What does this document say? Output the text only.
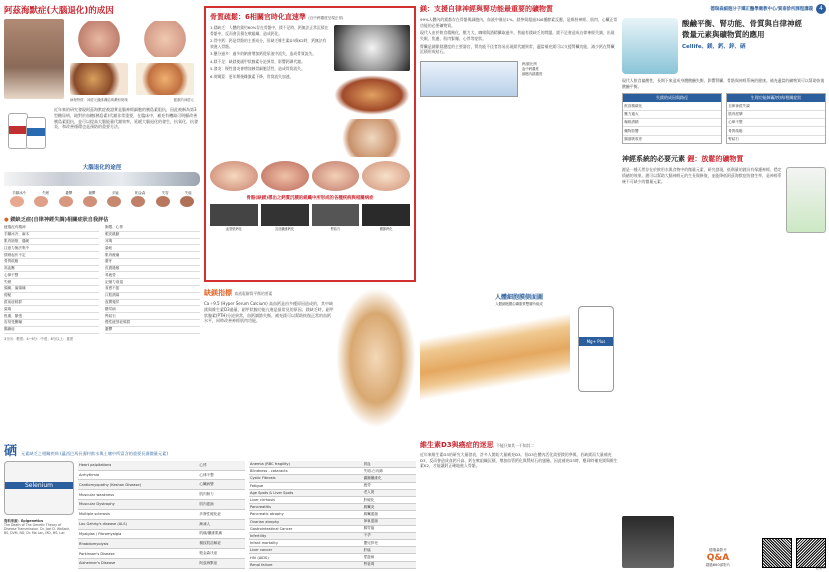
阿茲海默症(大腦退化)的成因
病理特徵：神經元纖維纏結與澱粉斑塊	健康的神經元
近年來的研究發現阿茲海默症被證實是腦神經細胞的胰島素阻抗，因此被稱為第3型糖尿病，鉻對於血糖(胰島素)代謝非常重要，在臨床中，補充有機鉻可明顯改善胰島素阻抗，並可以提高大腦能量代謝效率，延緩大腦退化的發生，抗氧化、抗發炎、和改善循環也是預防的重要方法。
大腦退化的途徑
手腳冰冷	失眠	憂鬱	躁鬱	多疑	帕金森	失智	失能
● 鎂缺乏症(自律神經失調)相關症狀自我評估
疲倦沒有精神
手腳冰冷、麻木
肌肉抽筋、僵硬
注意力無法集中
情緒起伏不定
骨質疏鬆
高血壓
心律不整
失眠
頭痛、偏頭痛
便秘
經前症候群
氣喘
焦慮、緊張
容易受驚嚇
腸躁症
胸悶、心悸
眼皮跳動
耳鳴
暈眩
肌肉痠痛
磨牙
皮膚過敏
易疲勞
記憶力衰退
食慾不振
口腔潰瘍
夜間頻尿
糖尿病
腎結石
慢性疲勞症候群
憂鬱
3分內：輕度；4~6分：中度；8分以上：重度
骨質疏鬆：6相關官時化直速準 (自中鈣濃度呈現正常)

1.鎂缺乏：人體的鎂約60%存在骨骼中，鎂不足時，鈣無法正常沉積在骨骼中，反而會沉積在軟組織，造成鈣化。

2.骨中鈣：鈣是骨骼的主要成分，但缺乏維生素D3與K2時，鈣無法有效進入骨骼。

3.鹽分過多：過多的鈉會增加鈣從尿液中流失，造成骨質流失。

4.鎂不足：缺鎂使副甲狀腺素分泌異常，影響鈣磷代謝。

5.發炎：慢性發炎會增加蝕骨細胞活性，造成骨質流失。

6.荷爾蒙：更年期後雌激素下降，骨質流失加速。

骨骼(缺鎂)導出之鈣質沉積的組織中所形成的各種疾病與相關病症
血管壁鈣化	乳房纖維鈣化	腎結石	關節鈣化
缺鎂指標 血液電解質平衡的要素
Ca＋9.5 (Hyper Serum Calcium) 高血鈣是由多種原因造成的，其中缺鎂與維生素D3過量、副甲狀腺功能亢進是最常見的原因。鎂缺乏時，副甲狀腺素(PTH)分泌異常，血鈣調節失衡。補充鎂可以幫助恢復正常的血鈣水平，同時改善神經肌肉功能。
鎂：支援自律神經與腎功能最重要的礦物質

99%人體內的鎂都存在骨骼與細胞內，血液中僅佔1%。鎂參與超過300種酵素反應，是維持神經、肌肉、心臟正常功能的必要礦物質。

現代人由於飲食精緻化、壓力大、咖啡與酒精攝取過多，普遍有鎂缺乏的問題。鎂不足會造成自律神經失調，出現失眠、焦慮、肌肉緊繃、心悸等症狀。

腎臟是調節鎂濃度的主要器官，腎功能不佳者容易出現鎂代謝異常，適當補充鎂可以支援腎臟功能，減少鈣在腎臟沉積形成結石。

鈣/鎂比例
血中鈣濃度
細胞內鎂濃度
人體細胞膜側面圖
人體細胞膜由磷脂質雙層所組成
Mg+ Plus
維生素D3與癌症的迷思 不能只知其一不知其二
近年來維生素D3的研究大量發表，許多人開始大量補充D3。但D3在體內活化需要鎂的參與，若缺鎂而大量補充D3，反而會造成血鈣升高、鈣在軟組織沉積，增加血管鈣化與腎結石的風險。因此補充D3時，應同時補充鎂與維生素K2，才能讓鈣正確地進入骨骼。
德瑞森細胞分子矯正醫學衛教中心/賀泰診所課程講義	4
酸鹼平衡、腎功能、骨質與自律神經
微量元素與礦物質的應用
Cellife、鎂、鈣、鋅、硒
現代人飲食偏酸性，長期下來造成身體酸鹼失衡，影響腎臟、骨骼與神經系統的健康。補充適當的礦物質可以幫助恢復酸鹼平衡。
失鎂的成因與路徑
飲食精緻化
壓力過大
咖啡酒精
藥物影響
腸道吸收差
生理功能障礙/疾病/相關症狀
自律神經失調
肌肉痙攣
心律不整
骨質疏鬆
腎結石
神經系統的必要元素 鋰：放鬆的礦物質
鋰是一種天然存在於飲用水與食物中的微量元素，研究發現，低劑量的鋰具有保護神經、穩定情緒的效果。鋰可以幫助大腦神經元的生長與修復，並能降低阿茲海默症的發生率，是神經系統不可缺少的微量元素。
德瑞森影片
Q&A
超過600部影片
訂閱YT
硒 元素缺乏之相關疾病 (蘊西巴馬長壽村飲水與土壤中所富含的重要長壽微量元素)
Selenium
資料來源：Epigenetics
The Death of The Genetic Theory of Disease Transmission. Dr. Joel D. Wallach, BS, DVM, ND, Dr. Ma Lan, MD, MS, Lac
Heart palpitations	心悸
Arrhythmia	心律不整
Cardiomyopathy (Keshan Disease)	心臟病變
Muscular weakness	肌肉無力
Muscular Dystrophy	肌肉萎縮
Multiple sclerosis	多發性硬化症
Lou Gehrig's disease (ALS)	漸凍人
Myalgias / Fibromyalgia	肌痛/纖維肌痛
Rhabdomyolysis	橫紋肌溶解症
Parkinson's Disease	帕金森氏症
Alzheimer's Disease	阿茲海默症
Anemia (RBC fragility)	貧血
Blindness - cataracts	失明-白內障
Cystic Fibrosis	囊腫纖維化
Fatigue	疲勞
Age Spots & Liver Spots	老人斑
Liver cirrhosis	肝硬化
Pancreatitis	胰臟炎
Pancreatic atrophy	胰臟萎縮
Ovarian atrophy	卵巢萎縮
Gastrointestinal Cancer	腸胃癌
Infertility	不孕
Infant mortality	嬰兒猝死
Liver cancer	肝癌
HIV (AIDS)	愛滋病
Renal failure	腎衰竭
